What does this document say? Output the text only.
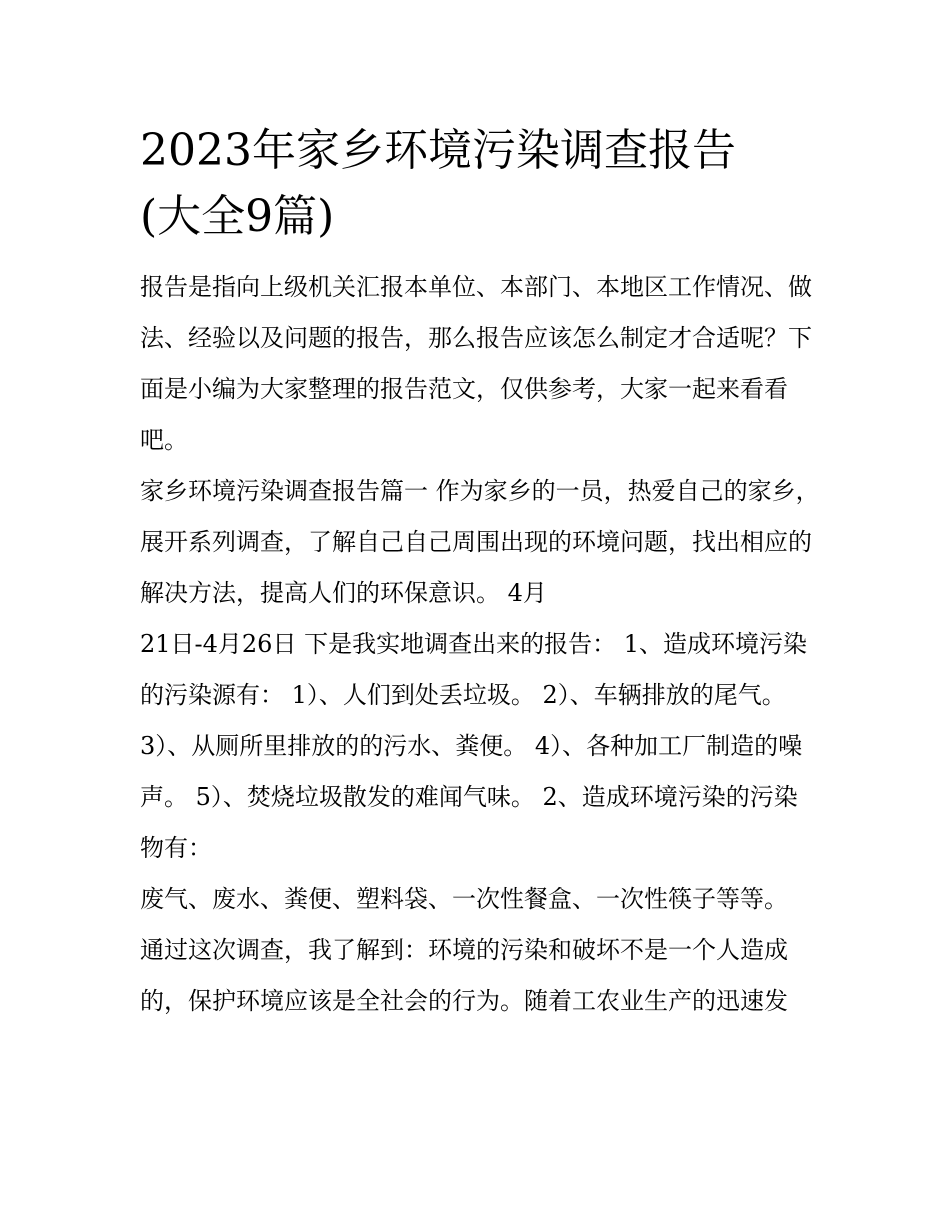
2023年家乡环境污染调查报告
(大全9篇)

报告是指向上级机关汇报本单位、本部门、本地区工作情况、做法、经验以及问题的报告，那么报告应该怎么制定才合适呢？下面是小编为大家整理的报告范文，仅供参考，大家一起来看看吧。

家乡环境污染调查报告篇一 作为家乡的一员，热爱自己的家乡，展开系列调查，了解自己自己周围出现的环境问题，找出相应的解决方法，提高人们的环保意识。 4月

21日-4月26日 下是我实地调查出来的报告： 1、造成环境污染的污染源有： 1）、人们到处丢垃圾。 2）、车辆排放的尾气。

3）、从厕所里排放的的污水、粪便。 4）、各种加工厂制造的噪声。 5）、焚烧垃圾散发的难闻气味。 2、造成环境污染的污染物有：

废气、废水、粪便、塑料袋、一次性餐盒、一次性筷子等等。

通过这次调查，我了解到：环境的污染和破坏不是一个人造成的，保护环境应该是全社会的行为。随着工农业生产的迅速发
